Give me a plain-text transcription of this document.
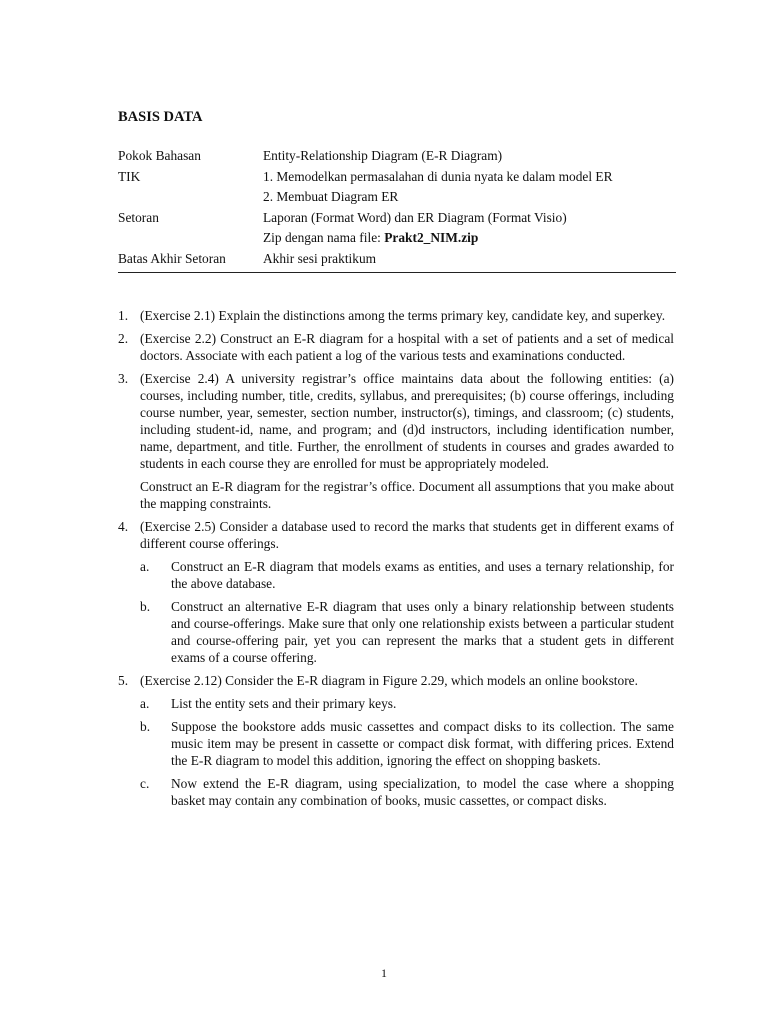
BASIS DATA
Pokok Bahasan	Entity-Relationship Diagram (E-R Diagram)
TIK	1. Memodelkan permasalahan di dunia nyata ke dalam model ER
	2. Membuat Diagram ER
Setoran	Laporan (Format Word) dan ER Diagram (Format Visio)
	Zip dengan nama file: Prakt2_NIM.zip
Batas Akhir Setoran	Akhir sesi praktikum
1. (Exercise 2.1) Explain the distinctions among the terms primary key, candidate key, and superkey.

2. (Exercise 2.2) Construct an E-R diagram for a hospital with a set of patients and a set of medical doctors. Associate with each patient a log of the various tests and examinations conducted.

3. (Exercise 2.4) A university registrar’s office maintains data about the following entities: (a) courses, including number, title, credits, syllabus, and prerequisites; (b) course offerings, including course number, year, semester, section number, instructor(s), timings, and classroom; (c) students, including student-id, name, and program; and (d)d instructors, including identification number, name, department, and title. Further, the enrollment of students in courses and grades awarded to students in each course they are enrolled for must be appropriately modeled.

Construct an E-R diagram for the registrar’s office. Document all assumptions that you make about the mapping constraints.

4. (Exercise 2.5) Consider a database used to record the marks that students get in different exams of different course offerings.

a.	Construct an E-R diagram that models exams as entities, and uses a ternary relationship, for the above database.
b.	Construct an alternative E-R diagram that uses only a binary relationship between students and course-offerings. Make sure that only one relationship exists between a particular student and course-offering pair, yet you can represent the marks that a student gets in different exams of a course offering.
5. (Exercise 2.12) Consider the E-R diagram in Figure 2.29, which models an online bookstore.

a.	List the entity sets and their primary keys.
b.	Suppose the bookstore adds music cassettes and compact disks to its collection. The same music item may be present in cassette or compact disk format, with differing prices. Extend the E-R diagram to model this addition, ignoring the effect on shopping baskets.
c.	Now extend the E-R diagram, using specialization, to model the case where a shopping basket may contain any combination of books, music cassettes, or compact disks.
1
